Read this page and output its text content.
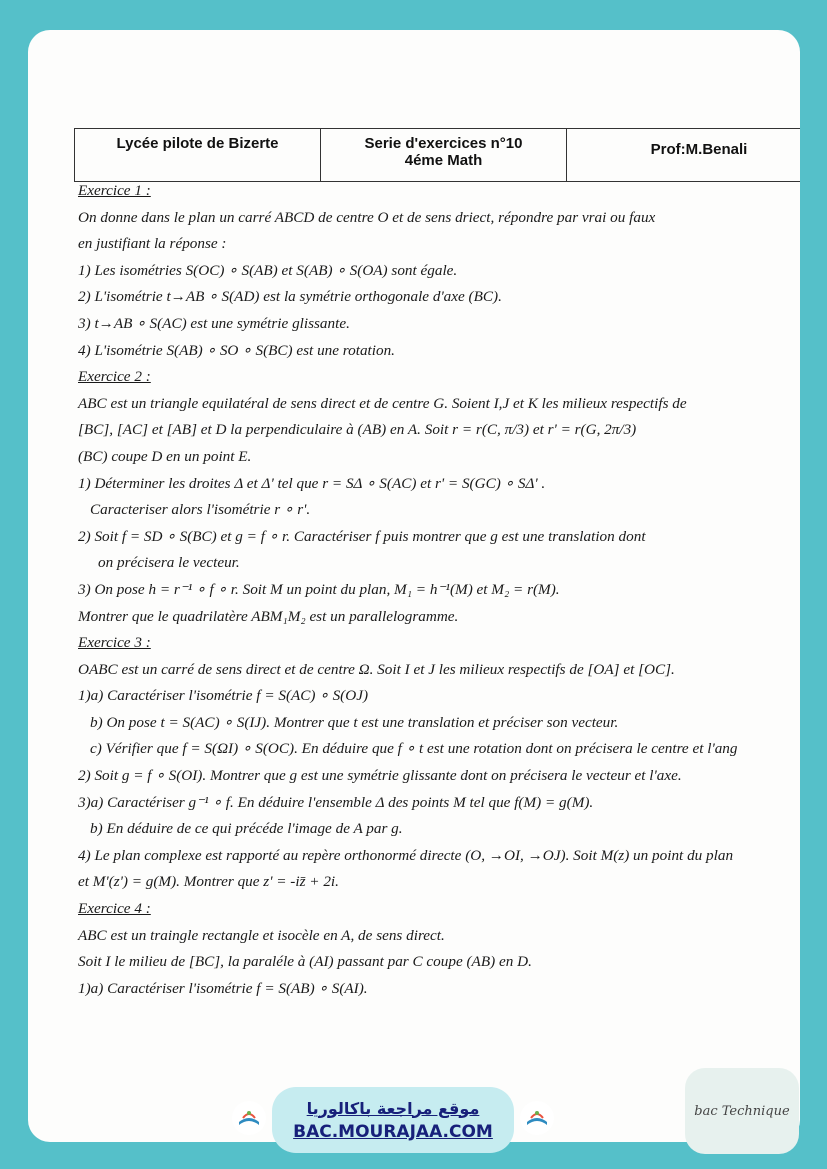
Lycée pilote de Bizerte	Serie d'exercices n°10
4éme Math
Prof:M.Benali
Exercice 1 :
On donne dans le plan un carré ABCD de centre O et de sens driect, répondre par vrai ou faux
en justifiant la réponse :
1) Les isométries S(OC) ∘ S(AB) et S(AB) ∘ S(OA) sont égale.
2) L'isométrie t→AB ∘ S(AD) est la symétrie orthogonale d'axe (BC).
3) t→AB ∘ S(AC) est une symétrie glissante.
4) L'isométrie S(AB) ∘ SO ∘ S(BC) est une rotation.
Exercice 2 :
ABC est un triangle equilatéral de sens direct et de centre G. Soient I,J et K les milieux respectifs de
[BC], [AC] et [AB] et D la perpendiculaire à (AB) en A. Soit r = r(C, π/3) et r' = r(G, 2π/3)
(BC) coupe D en un point E.
1) Déterminer les droites Δ et Δ' tel que r = SΔ ∘ S(AC) et r' = S(GC) ∘ SΔ' .
Caracteriser alors l'isométrie r ∘ r'.
2) Soit f = SD ∘ S(BC) et g = f ∘ r. Caractériser f puis montrer que g est une translation dont
on précisera le vecteur.
3) On pose h = r⁻¹ ∘ f ∘ r. Soit M un point du plan, M₁ = h⁻¹(M) et M₂ = r(M).
Montrer que le quadrilatère ABM₁M₂ est un parallelogramme.
Exercice 3 :
OABC est un carré de sens direct et de centre Ω. Soit I et J les milieux respectifs de [OA] et [OC].
1)a) Caractériser l'isométrie f = S(AC) ∘ S(OJ)
b) On pose t = S(AC) ∘ S(IJ). Montrer que t est une translation et préciser son vecteur.
c) Vérifier que f = S(ΩI) ∘ S(OC). En déduire que f ∘ t est une rotation dont on précisera le centre et l'ang
2) Soit g = f ∘ S(OI). Montrer que g est une symétrie glissante dont on précisera le vecteur et l'axe.
3)a) Caractériser g⁻¹ ∘ f. En déduire l'ensemble Δ des points M tel que f(M) = g(M).
b) En déduire de ce qui précéde l'image de A par g.
4) Le plan complexe est rapporté au repère orthonormé directe (O, →OI, →OJ). Soit M(z) un point du plan
et M'(z') = g(M). Montrer que z' = -iz̄ + 2i.
Exercice 4 :
ABC est un traingle rectangle et isocèle en A, de sens direct.
Soit I le milieu de [BC], la paraléle à (AI) passant par C coupe (AB) en D.
1)a) Caractériser l'isométrie f = S(AB) ∘ S(AI).
موقع مراجعة باكالوريا
BAC.MOURAJAA.COM
bac Technique
